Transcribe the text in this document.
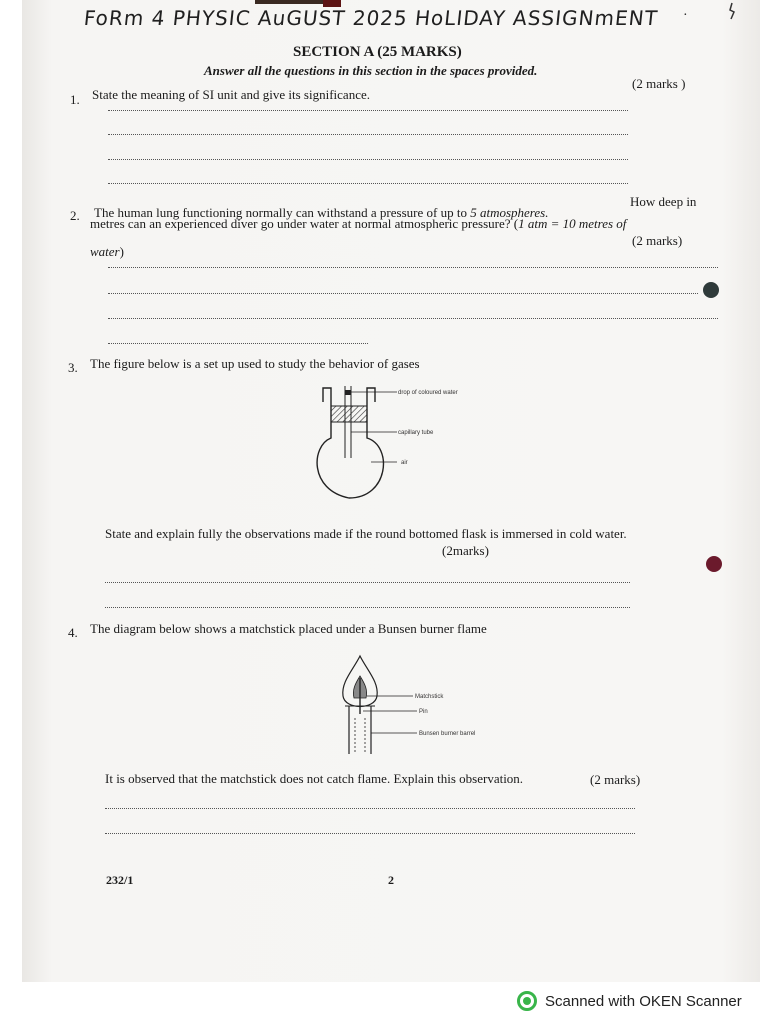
FoRm 4 PHYSIC AuGUST 2025 HoLIDAY ASSIGNmENT ·
SECTION A (25 MARKS)
Answer all the questions in this section in the spaces provided.
1. State the meaning of SI unit and give its significance.
(2 marks )
2. The human lung functioning normally can withstand a pressure of up to 5 atmospheres.
How deep in
metres can an experienced diver go under water at normal atmospheric pressure? (1 atm = 10 metres of
water)
(2 marks)
3. The figure below is a set up used to study the behavior of gases
drop of coloured water
capillary tube
air
State and explain fully the observations made if the round bottomed flask is immersed in cold water.
(2marks)
4. The diagram below shows a matchstick placed under a Bunsen burner flame
Matchstick
Pin
Bunsen burner barrel
It is observed that the matchstick does not catch flame. Explain this observation.	(2 marks)
232/1	2
Scanned with OKEN Scanner
